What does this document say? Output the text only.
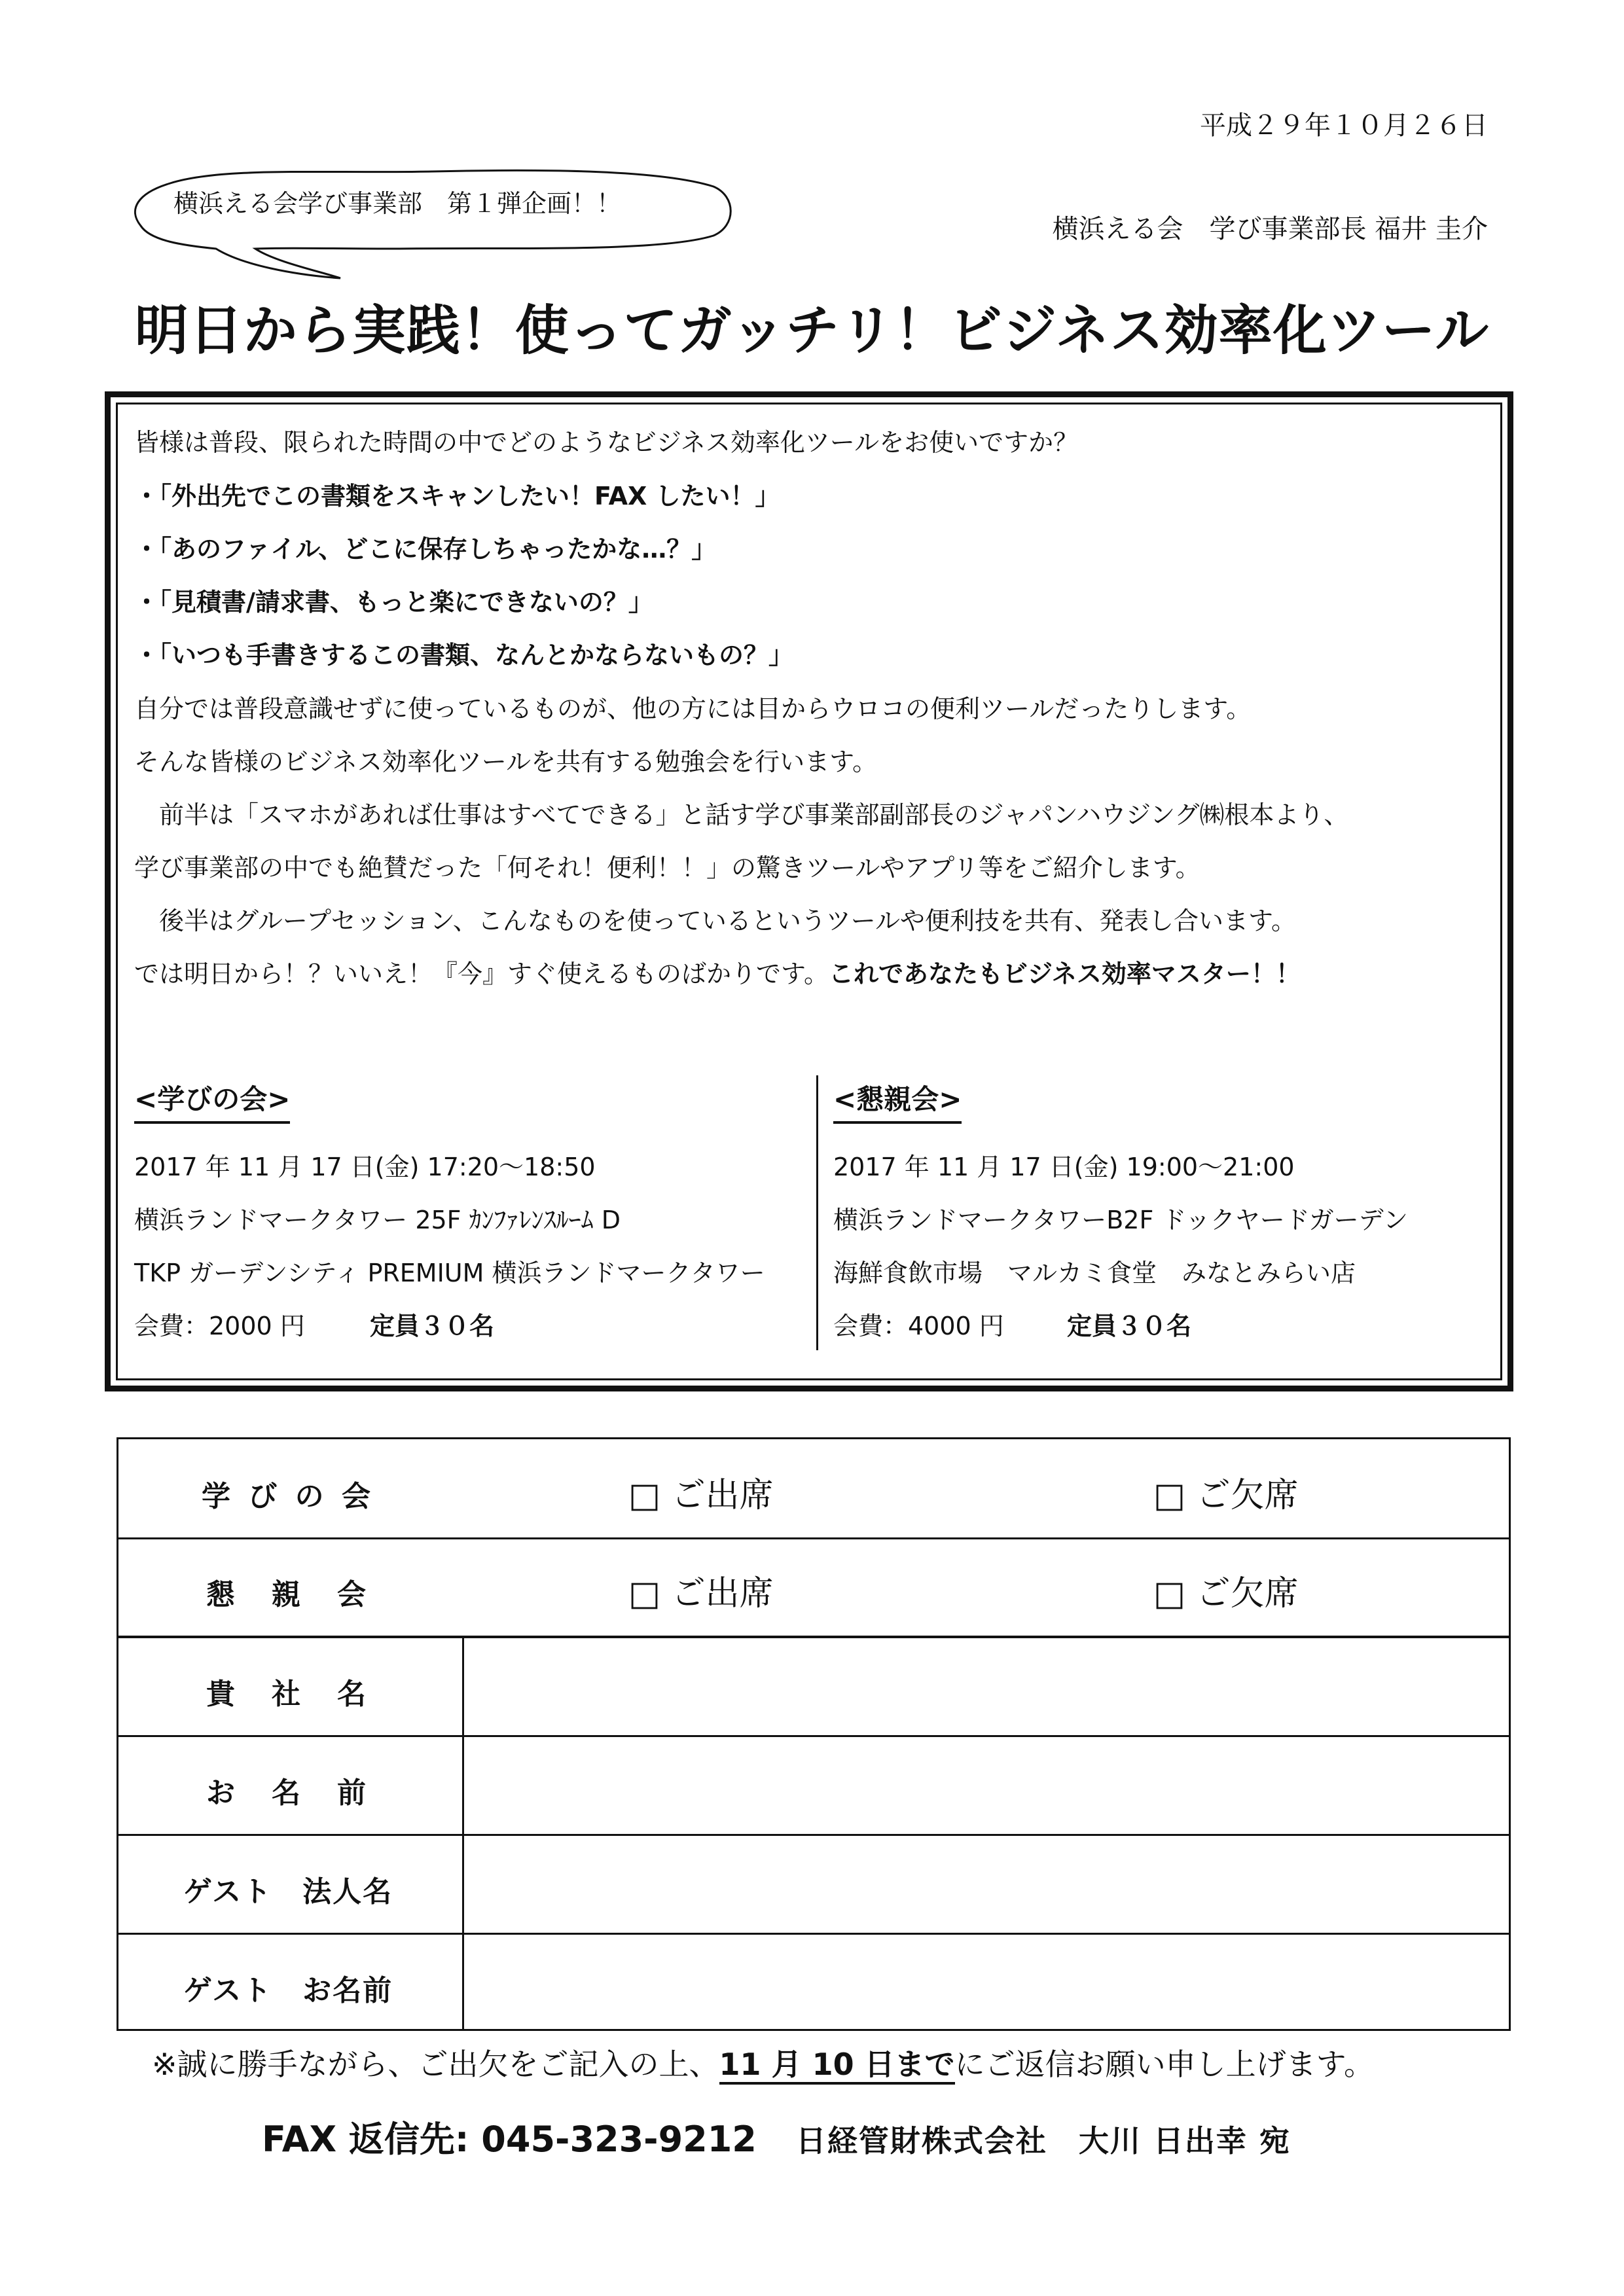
平成２９年１０月２６日
横浜える会学び事業部　第１弾企画！！
横浜える会　学び事業部長 福井 圭介
明日から実践！使ってガッチリ！ビジネス効率化ツール
皆様は普段、限られた時間の中でどのようなビジネス効率化ツールをお使いですか？
・「外出先でこの書類をスキャンしたい！FAX したい！」
・「あのファイル、どこに保存しちゃったかな…？」
・「見積書/請求書、もっと楽にできないの？」
・「いつも手書きするこの書類、なんとかならないもの？」
自分では普段意識せずに使っているものが、他の方には目からウロコの便利ツールだったりします。
そんな皆様のビジネス効率化ツールを共有する勉強会を行います。
　前半は「スマホがあれば仕事はすべてできる」と話す学び事業部副部長のジャパンハウジング㈱根本より、
学び事業部の中でも絶賛だった「何それ！便利！！」の驚きツールやアプリ等をご紹介します。
　後半はグループセッション、こんなものを使っているというツールや便利技を共有、発表し合います。
では明日から！？いいえ！『今』すぐ使えるものばかりです。これであなたもビジネス効率マスター！！
<学びの会>
2017 年 11 月 17 日(金) 17:20～18:50
横浜ランドマークタワー 25F ｶﾝﾌｧﾚﾝｽﾙｰﾑ D
TKP ガーデンシティ PREMIUM 横浜ランドマークタワー
会費：2000 円	定員３０名
<懇親会>
2017 年 11 月 17 日(金) 19:00～21:00
横浜ランドマークタワーB2F ドックヤードガーデン
海鮮食飲市場　マルカミ食堂　みなとみらい店
会費：4000 円	定員３０名
学 び の 会	□ ご出席	□ ご欠席
懇　親　会	□ ご出席	□ ご欠席
貴　社　名
お　名　前
ゲスト　法人名
ゲスト　お名前
※誠に勝手ながら、ご出欠をご記入の上、11 月 10 日までにご返信お願い申し上げます。
FAX 返信先: 045-323-9212 日経管財株式会社　大川 日出幸 宛
